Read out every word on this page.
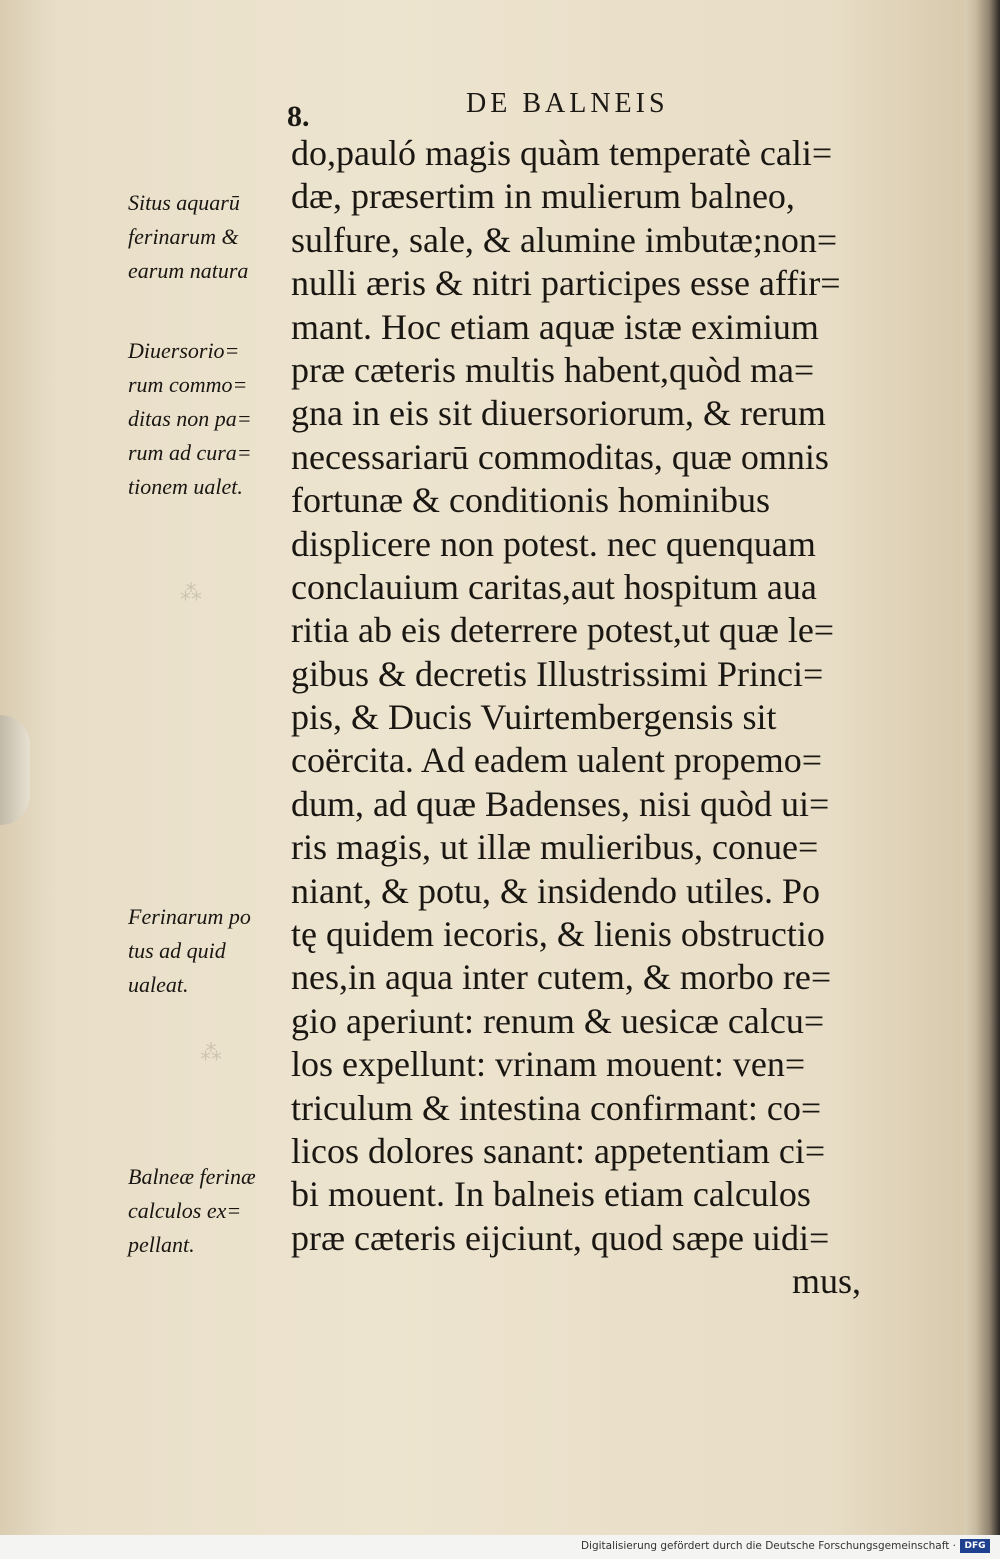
⁂
⁂
8.	DE BALNEIS
do,pauló magis quàm temperatè cali=
dæ, præsertim in mulierum balneo,
sulfure, sale, & alumine imbutæ;non=
nulli æris & nitri participes esse affir=
mant. Hoc etiam aquæ istæ eximium
præ cæteris multis habent,quòd ma=
gna in eis sit diuersoriorum, & rerum
necessariarū commoditas, quæ omnis
fortunæ & conditionis hominibus
displicere non potest. nec quenquam
conclauium caritas,aut hospitum aua
ritia ab eis deterrere potest,ut quæ le=
gibus & decretis Illustrissimi Princi=
pis, & Ducis Vuirtembergensis sit
coërcita. Ad eadem ualent propemo=
dum, ad quæ Badenses, nisi quòd ui=
ris magis, ut illæ mulieribus, conue=
niant, & potu, & insidendo utiles. Po
tę quidem iecoris, & lienis obstructio
nes,in aqua inter cutem, & morbo re=
gio aperiunt: renum & uesicæ calcu=
los expellunt: vrinam mouent: ven=
triculum & intestina confirmant: co=
licos dolores sanant: appetentiam ci=
bi mouent. In balneis etiam calculos
præ cæteris eijciunt, quod sæpe uidi=
mus,
Situs aquarū
ferinarum &
earum natura
Diuersorio=
rum commo=
ditas non pa=
rum ad cura=
tionem ualet.
Ferinarum po
tus ad quid
ualeat.
Balneæ ferinæ
calculos ex=
pellant.
Digitalisierung gefördert durch die Deutsche Forschungsgemeinschaft · DFG
